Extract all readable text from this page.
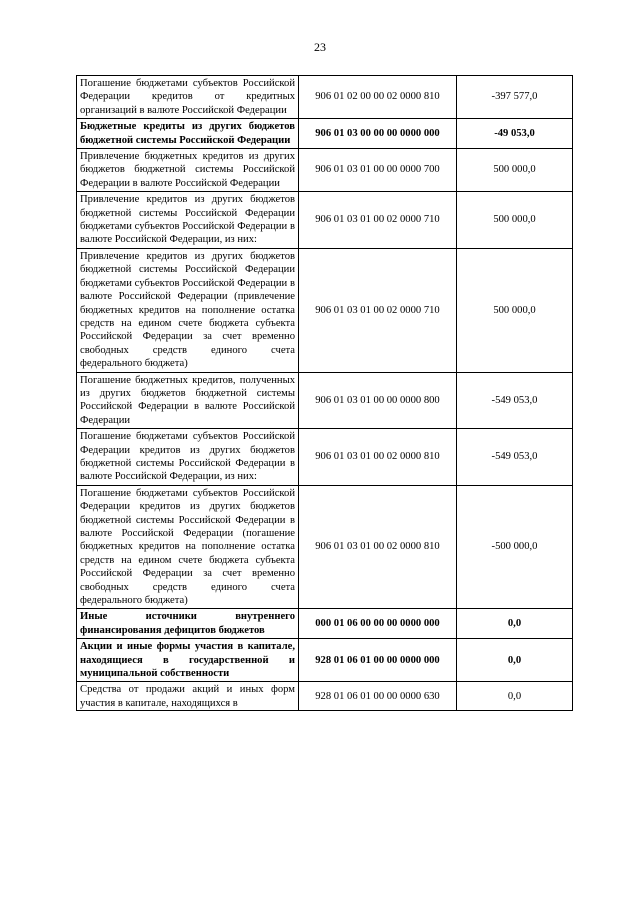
23
Погашение бюджетами субъектов Российской Федерации кредитов от кредитных организаций в валюте Российской Федерации	906 01 02 00 00 02 0000 810	-397 577,0
Бюджетные кредиты из других бюджетов бюджетной системы Российской Федерации	906 01 03 00 00 00 0000 000	-49 053,0
Привлечение бюджетных кредитов из других бюджетов бюджетной системы Российской Федерации в валюте Российской Федерации	906 01 03 01 00 00 0000 700	500 000,0
Привлечение кредитов из других бюджетов бюджетной системы Российской Федерации бюджетами субъектов Российской Федерации в валюте Российской Федерации, из них:	906 01 03 01 00 02 0000 710	500 000,0
Привлечение кредитов из других бюджетов бюджетной системы Российской Федерации бюджетами субъектов Российской Федерации в валюте Российской Федерации (привлечение бюджетных кредитов на пополнение остатка средств на едином счете бюджета субъекта Российской Федерации за счет временно свободных средств единого счета федерального бюджета)	906 01 03 01 00 02 0000 710	500 000,0
Погашение бюджетных кредитов, полученных из других бюджетов бюджетной системы Российской Федерации в валюте Российской Федерации	906 01 03 01 00 00 0000 800	-549 053,0
Погашение бюджетами субъектов Российской Федерации кредитов из других бюджетов бюджетной системы Российской Федерации в валюте Российской Федерации, из них:	906 01 03 01 00 02 0000 810	-549 053,0
Погашение бюджетами субъектов Российской Федерации кредитов из других бюджетов бюджетной системы Российской Федерации в валюте Российской Федерации (погашение бюджетных кредитов на пополнение остатка средств на едином счете бюджета субъекта Российской Федерации за счет временно свободных средств единого счета федерального бюджета)	906 01 03 01 00 02 0000 810	-500 000,0
Иные источники внутреннего финансирования дефицитов бюджетов	000 01 06 00 00 00 0000 000	0,0
Акции и иные формы участия в капитале, находящиеся в государственной и муниципальной собственности	928 01 06 01 00 00 0000 000	0,0

Средства от продажи акций и иных форм участия в капитале, находящихся в	928 01 06 01 00 00 0000 630	0,0
